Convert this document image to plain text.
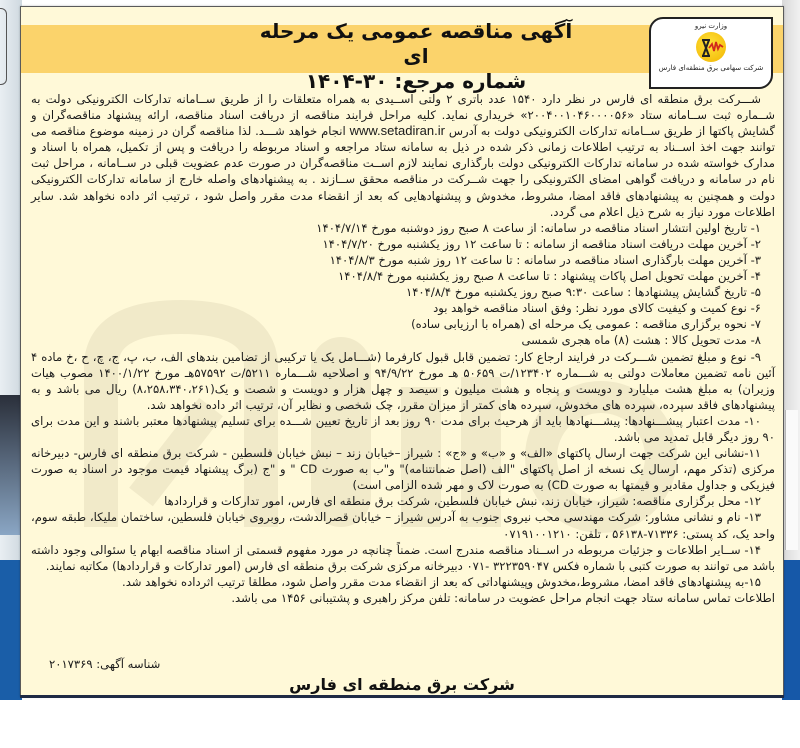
آگهی مناقصه عمومی یک مرحله ای
شماره مرجع: ۳۰-۱۴۰۴
وزارت نیرو
شرکت سهامی برق منطقه‌ای فارس

شـــرکت برق منطقه ای فارس در نظر دارد ۱۵۴۰ عدد باتری ۲ ولتی اســیدی به همراه متعلقات را از طریق ســامانه تدارکات الکترونیکی دولت به شــماره ثبت ســامانه ستاد «۲۰۰۴۰۰۱۰۴۶۰۰۰۰۵۶» خریداری نماید. کلیه مراحل فرایند مناقصه از دریافت اسناد مناقصه، ارائه پیشنهاد مناقصه‌گران و گشایش پاکتها از طریق ســامانه تدارکات الکترونیکی دولت به آدرس www.setadiran.ir انجام خواهد شـــد. لذا مناقصه گران در زمینه موضوع مناقصه می توانند جهت اخذ اســناد به ترتیب اطلاعات زمانی ذکر شده در ذیل به سامانه ستاد مراجعه و اسناد مربوطه را دریافت و پس از تکمیل، همراه با اسناد و مدارک خواسته شده در سامانه تدارکات الکترونیکی دولت بارگذاری نمایند لازم اســت مناقصه‌گران در صورت عدم عضویت قبلی در ســامانه ، مراحل ثبت نام در سامانه و دریافت گواهی امضای الکترونیکی را جهت شــرکت در مناقصه محقق ســازند . به پیشنهادهای واصله خارج از سامانه تدارکات الکترونیکی دولت و همچنین به پیشنهادهای فاقد امضا، مشروط، مخدوش و پیشنهادهایی که بعد از انقضاء مدت مقرر واصل شود ، ترتیب اثر داده نخواهد شد. سایر اطلاعات مورد نیاز به شرح ذیل اعلام می گردد.

۱- تاریخ اولین انتشار اسناد مناقصه در سامانه: از ساعت ۸ صبح روز دوشنبه مورخ ۱۴۰۴/۷/۱۴

۲- آخرین مهلت دریافت اسناد مناقصه از سامانه : تا ساعت ۱۲ روز یکشنبه مورخ ۱۴۰۴/۷/۲۰

۳- آخرین مهلت بارگذاری اسناد مناقصه در سامانه : تا ساعت ۱۲ روز شنبه مورخ ۱۴۰۴/۸/۳

۴- آخرین مهلت تحویل اصل پاکات پیشنهاد : تا ساعت ۸ صبح روز یکشنبه مورخ ۱۴۰۴/۸/۴

۵- تاریخ گشایش پیشنهادها : ساعت ۹:۳۰ صبح روز یکشنبه مورخ ۱۴۰۴/۸/۴

۶- نوع کمیت و کیفیت کالای مورد نظر: وفق اسناد مناقصه خواهد بود

۷- نحوه برگزاری مناقصه : عمومی یک مرحله ای (همراه با ارزیابی ساده)

۸- مدت تحویل کالا : هشت (۸) ماه هجری شمسی

۹- نوع و مبلغ تضمین شـــرکت در فرایند ارجاع کار: تضمین قابل قبول کارفرما (شـــامل یک یا ترکیبی از تضامین بندهای الف، ب، پ، ج، چ، ح ،خ ماده ۴ آئین نامه تضمین معاملات دولتی به شـــماره ۱۲۳۴۰۲/ت ۵۰۶۵۹ هـ مورخ ۹۴/۹/۲۲ و اصلاحیه شـــماره ۵۲۱۱/ت ۵۷۵۹۲هـ مورخ ۱۴۰۰/۱/۲۲ مصوب هیات وزیران) به مبلغ هشت میلیارد و دویست و پنجاه و هشت میلیون و سیصد و چهل هزار و دویست و شصت و یک(۸،۲۵۸،۳۴۰،۲۶۱) ریال می باشد و به پیشنهادهای فاقد سپرده، سپرده های مخدوش، سپرده های کمتر از میزان مقرر، چک شخصی و نظایر آن، ترتیب اثر داده نخواهد شد.

۱۰- مدت اعتبار پیشـــنهادها: پیشـــنهادها باید از هرحیث برای مدت ۹۰ روز بعد از تاریخ تعیین شـــده برای تسلیم پیشنهادها معتبر باشند و این مدت برای ۹۰ روز دیگر قابل تمدید می باشد.

۱۱-نشانی این شرکت جهت ارسال پاکتهای «الف» و «ب» و «ج» : شیراز –خیابان زند – نبش خیابان فلسطین - شرکت برق منطقه ای فارس- دبیرخانه مرکزی (تذکر مهم، ارسال یک نسخه از اصل پاکتهای "الف (اصل ضمانتنامه)" و"ب به صورت CD " و "ج (برگ پیشنهاد قیمت موجود در اسناد به صورت فیزیکی و جداول مقادیر و قیمتها به صورت CD) به صورت لاک و مهر شده الزامی است)

۱۲- محل برگزاری مناقصه: شیراز، خیابان زند، نبش خیابان فلسطین، شرکت برق منطقه ای فارس، امور تدارکات و قراردادها

۱۳- نام و نشانی مشاور: شرکت مهندسی محب نیروی جنوب به آدرس شیراز – خیابان قصرالدشت، روبروی خیابان فلسطین، ساختمان ملیکا، طبقه سوم، واحد یک، کد پستی: ۷۱۳۳۶-۵۶۱۳۸ ، تلفن: ۰۷۱۹۱۰۰۱۲۱۰

۱۴- ســایر اطلاعات و جزئیات مربوطه در اســناد مناقصه مندرج است. ضمناً چنانچه در مورد مفهوم قسمتی از اسناد مناقصه ابهام یا سئوالی وجود داشته باشد می توانند به صورت کتبی با شماره فکس ۳۲۲۳۵۹۰۴۷ -۰۷۱ دبیرخانه مرکزی شرکت برق منطقه ای فارس (امور تدارکات و قراردادها) مکاتبه نمایند.

۱۵-به پیشنهادهای فاقد امضا، مشروط،مخدوش وپیشنهاداتی که بعد از انقضاء مدت مقرر واصل شود، مطلقا ترتیب اثرداده نخواهد شد.

اطلاعات تماس سامانه ستاد جهت انجام مراحل عضویت در سامانه: تلفن مرکز راهبری و پشتیبانی ۱۴۵۶ می باشد.

شناسه آگهی: ۲۰۱۷۳۶۹
شرکت برق منطقه ای فارس
